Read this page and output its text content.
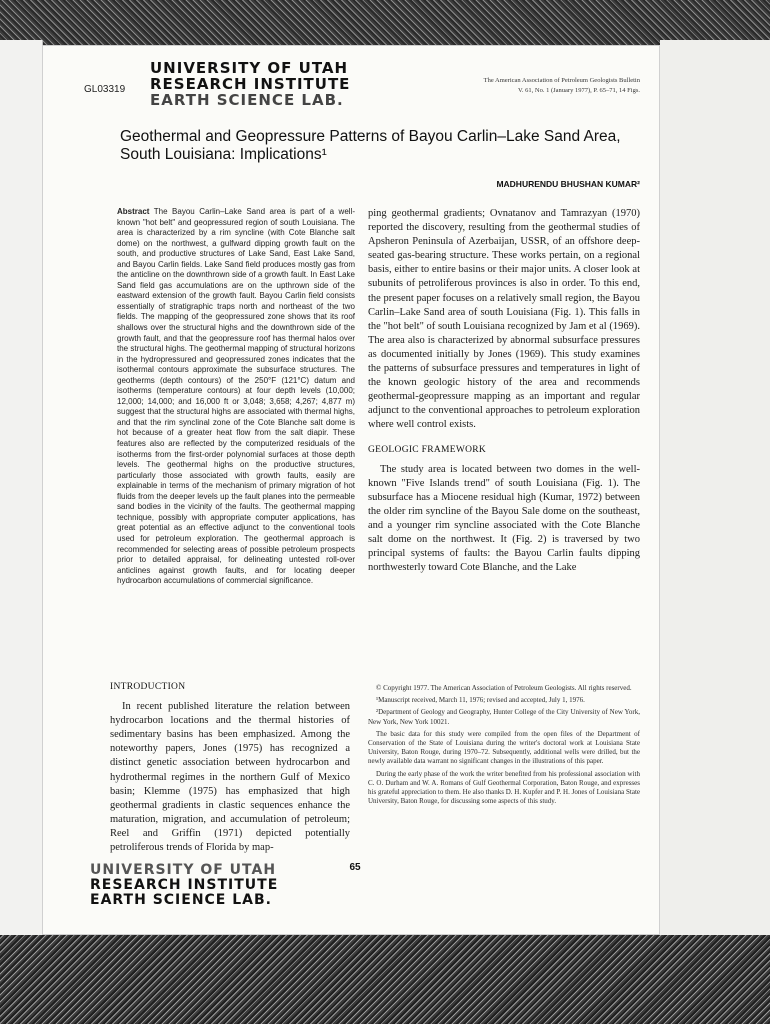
UNIVERSITY OF UTAH
RESEARCH INSTITUTE
EARTH SCIENCE LAB.
GL03319
The American Association of Petroleum Geologists Bulletin
V. 61, No. 1 (January 1977), P. 65–71, 14 Figs.
Geothermal and Geopressure Patterns of Bayou Carlin–Lake Sand Area, South Louisiana: Implications¹
MADHURENDU BHUSHAN KUMAR²
Abstract The Bayou Carlin–Lake Sand area is part of a well-known "hot belt" and geopressured region of south Louisiana. The area is characterized by a rim syncline (with Cote Blanche salt dome) on the northwest, a gulfward dipping growth fault on the south, and productive structures of Lake Sand, East Lake Sand, and Bayou Carlin fields. Lake Sand field produces mostly gas from the anticline on the downthrown side of a growth fault. In East Lake Sand field gas accumulations are on the upthrown side of the eastward extension of the growth fault. Bayou Carlin field consists essentially of stratigraphic traps north and northeast of the two fields. The mapping of the geopressured zone shows that its roof shallows over the structural highs and the downthrown side of the growth fault, and that the geopressure roof has thermal halos over the structural highs. The geothermal mapping of structural horizons in the hydropressured and geopressured zones indicates that the isothermal contours approximate the subsurface structures. The geotherms (depth contours) of the 250°F (121°C) datum and isotherms (temperature contours) at four depth levels (10,000; 12,000; 14,000; and 16,000 ft or 3,048; 3,658; 4,267; 4,877 m) suggest that the structural highs are associated with thermal highs, and that the rim synclinal zone of the Cote Blanche salt dome is hot because of a greater heat flow from the salt diapir. These features also are reflected by the computerized residuals of the isotherms from the first-order polynomial surfaces at those depth levels. The geothermal highs on the productive structures, particularly those associated with growth faults, easily are explainable in terms of the mechanism of primary migration of hot fluids from the deeper levels up the fault planes into the permeable sand bodies in the vicinity of the faults. The geothermal mapping technique, possibly with appropriate computer applications, has great potential as an effective adjunct to the conventional tools used for petroleum exploration. The geothermal approach is recommended for selecting areas of possible petroleum prospects prior to detailed appraisal, for delineating untested roll-over anticlines against growth faults, and for locating deeper hydrocarbon accumulations of commercial significance.

ping geothermal gradients; Ovnatanov and Tamrazyan (1970) reported the discovery, resulting from the geothermal studies of Apsheron Peninsula of Azerbaijan, USSR, of an offshore deep-seated gas-bearing structure. These works pertain, on a regional basis, either to entire basins or their major units. A closer look at subunits of petroliferous provinces is also in order. To this end, the present paper focuses on a relatively small region, the Bayou Carlin–Lake Sand area of south Louisiana (Fig. 1). This falls in the "hot belt" of south Louisiana recognized by Jam et al (1969). The area also is characterized by abnormal subsurface pressures as documented initially by Jones (1969). This study examines the patterns of subsurface pressures and temperatures in light of the known geologic history of the area and recommends geothermal-geopressure mapping as an important and regular adjunct to the conventional approaches to petroleum exploration where well control exists.

GEOLOGIC FRAMEWORK

The study area is located between two domes in the well-known "Five Islands trend" of south Louisiana (Fig. 1). The subsurface has a Miocene residual high (Kumar, 1972) between the older rim syncline of the Bayou Sale dome on the southeast, and a younger rim syncline associated with the Cote Blanche salt dome on the northwest. It (Fig. 2) is traversed by two principal systems of faults: the Bayou Carlin faults dipping northwesterly toward Cote Blanche, and the Lake

© Copyright 1977. The American Association of Petroleum Geologists. All rights reserved.

¹Manuscript received, March 11, 1976; revised and accepted, July 1, 1976.

²Department of Geology and Geography, Hunter College of the City University of New York, New York, New York 10021.

The basic data for this study were compiled from the open files of the Department of Conservation of the State of Louisiana during the writer's doctoral work at Louisiana State University, Baton Rouge, during 1970–72. Subsequently, additional wells were drilled, but the newly available data warrant no significant changes in the illustrations of this paper.

During the early phase of the work the writer benefited from his professional association with C. O. Durham and W. A. Romans of Gulf Geothermal Corporation, Baton Rouge, and expresses his grateful appreciation to them. He also thanks D. H. Kupfer and P. H. Jones of Louisiana State University, Baton Rouge, for discussing some aspects of this study.

INTRODUCTION

In recent published literature the relation between hydrocarbon locations and the thermal histories of sedimentary basins has been emphasized. Among the noteworthy papers, Jones (1975) has recognized a distinct genetic association between hydrocarbon and hydrothermal regimes in the northern Gulf of Mexico basin; Klemme (1975) has emphasized that high geothermal gradients in clastic sequences enhance the maturation, migration, and accumulation of petroleum; Reel and Griffin (1971) depicted potentially petroliferous trends of Florida by map-

65
UNIVERSITY OF UTAH
RESEARCH INSTITUTE
EARTH SCIENCE LAB.
